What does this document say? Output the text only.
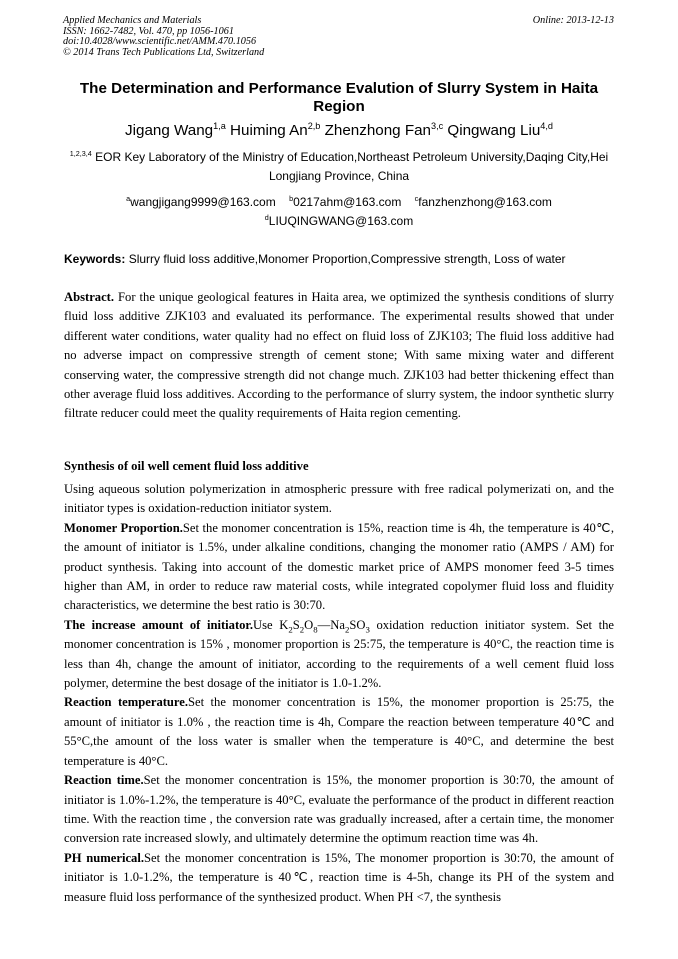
Applied Mechanics and Materials
ISSN: 1662-7482, Vol. 470, pp 1056-1061
doi:10.4028/www.scientific.net/AMM.470.1056
© 2014 Trans Tech Publications Ltd, Switzerland
Online: 2013-12-13
The Determination and Performance Evalution of Slurry System in Haita Region
Jigang Wang$^{1,a}$ Huiming An$^{2,b}$ Zhenzhong Fan$^{3,c}$ Qingwang Liu$^{4,d}$
$^{1,2,3,4}$ EOR Key Laboratory of the Ministry of Education,Northeast Petroleum University,Daqing City,Hei Longjiang Province, China
$^a$wangjigang9999@163.com $^b$0217ahm@163.com $^c$fanzhenzhong@163.com
$^d$LIUQINGWANG@163.com
Keywords: Slurry fluid loss additive,Monomer Proportion,Compressive strength, Loss of water

Abstract. For the unique geological features in Haita area, we optimized the synthesis conditions of slurry fluid loss additive ZJK103 and evaluated its performance. The experimental results showed that under different water conditions, water quality had no effect on fluid loss of ZJK103; The fluid loss additive had no adverse impact on compressive strength of cement stone; With same mixing water and different conserving water, the compressive strength did not change much. ZJK103 had better thickening effect than other average fluid loss additives. According to the performance of slurry system, the indoor synthetic slurry filtrate reducer could meet the quality requirements of Haita region cementing.

Synthesis of oil well cement fluid loss additive

Using aqueous solution polymerization in atmospheric pressure with free radical polymerizati on, and the initiator types is oxidation-reduction initiator system.

Monomer Proportion.Set the monomer concentration is 15%, reaction time is 4h, the temperature is 40℃, the amount of initiator is 1.5%, under alkaline conditions, changing the monomer ratio (AMPS / AM) for product synthesis. Taking into account of the domestic market price of AMPS monomer feed 3-5 times higher than AM, in order to reduce raw material costs, while integrated copolymer fluid loss and fluidity characteristics, we determine the best ratio is 30:70.

The increase amount of initiator.Use $K_2S_2O_8—Na_2SO_3$ oxidation reduction initiator system. Set the monomer concentration is 15% , monomer proportion is 25:75, the temperature is 40°C, the reaction time is less than 4h, change the amount of initiator, according to the requirements of a well cement fluid loss polymer, determine the best dosage of the initiator is 1.0-1.2%.

Reaction temperature.Set the monomer concentration is 15%, the monomer proportion is 25:75, the amount of initiator is 1.0% , the reaction time is 4h, Compare the reaction between temperature 40℃ and 55°C,the amount of the loss water is smaller when the temperature is 40°C, and determine the best temperature is 40°C.

Reaction time.Set the monomer concentration is 15%, the monomer proportion is 30:70, the amount of initiator is 1.0%-1.2%, the temperature is 40°C, evaluate the performance of the product in different reaction time. With the reaction time , the conversion rate was gradually increased, after a certain time, the monomer conversion rate increased slowly, and ultimately determine the optimum reaction time was 4h.

PH numerical.Set the monomer concentration is 15%, The monomer proportion is 30:70, the amount of initiator is 1.0-1.2%, the temperature is 40℃, reaction time is 4-5h, change its PH of the system and measure fluid loss performance of the synthesized product. When PH <7, the synthesis
